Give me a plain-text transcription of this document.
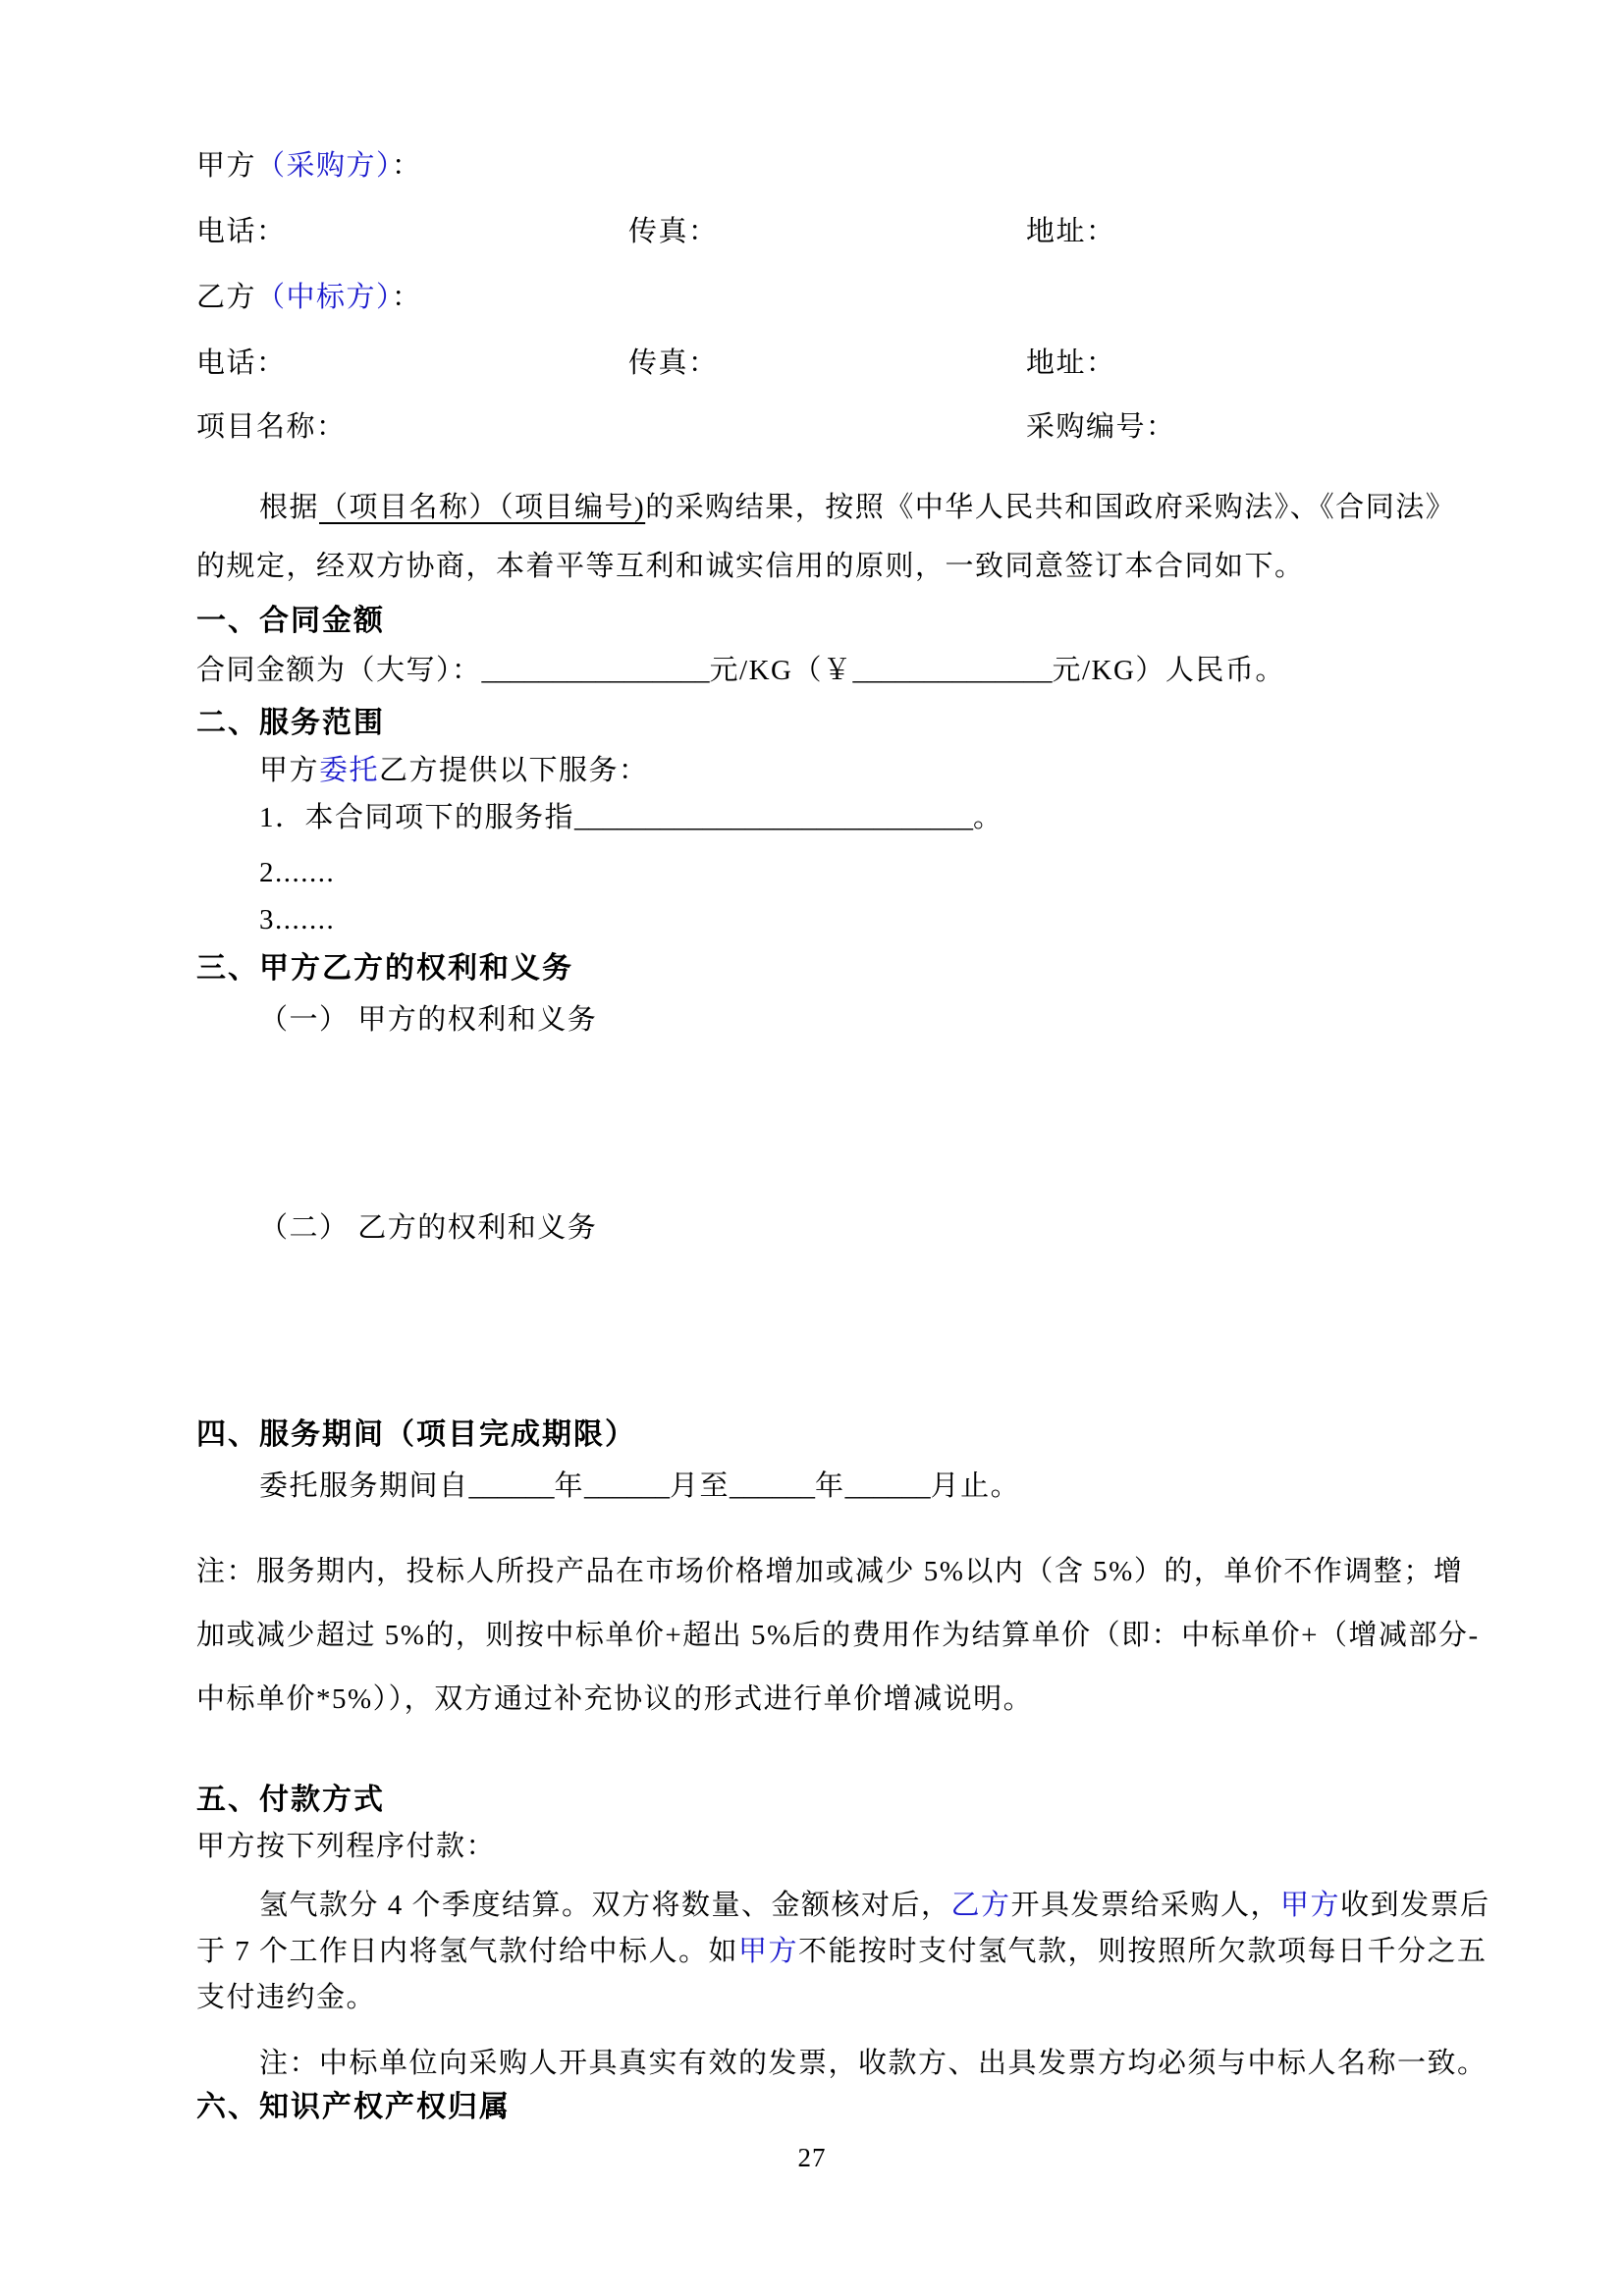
甲方（采购方）：
电话：	传真：	地址：
乙方（中标方）：
电话：	传真：	地址：
项目名称：	采购编号：
根据（项目名称）（项目编号)的采购结果，按照《中华人民共和国政府采购法》、《合同法》
的规定，经双方协商，本着平等互利和诚实信用的原则，一致同意签订本合同如下。
一、合同金额
合同金额为（大写）：________________元/KG（￥______________元/KG）人民币。
二、服务范围
甲方委托乙方提供以下服务：
1．本合同项下的服务指____________________________。
2.......
3.......
三、甲方乙方的权利和义务
（一） 甲方的权利和义务
（二） 乙方的权利和义务
四、服务期间（项目完成期限）
委托服务期间自______年______月至______年______月止。
注：服务期内，投标人所投产品在市场价格增加或减少 5%以内（含 5%）的，单价不作调整；增
加或减少超过 5%的，则按中标单价+超出 5%后的费用作为结算单价（即：中标单价+（增减部分-
中标单价*5%）），双方通过补充协议的形式进行单价增减说明。
五、付款方式
甲方按下列程序付款：
氢气款分 4 个季度结算。双方将数量、金额核对后，乙方开具发票给采购人，甲方收到发票后
于 7 个工作日内将氢气款付给中标人。如甲方不能按时支付氢气款，则按照所欠款项每日千分之五
支付违约金。
注：中标单位向采购人开具真实有效的发票，收款方、出具发票方均必须与中标人名称一致。
六、知识产权产权归属
27
